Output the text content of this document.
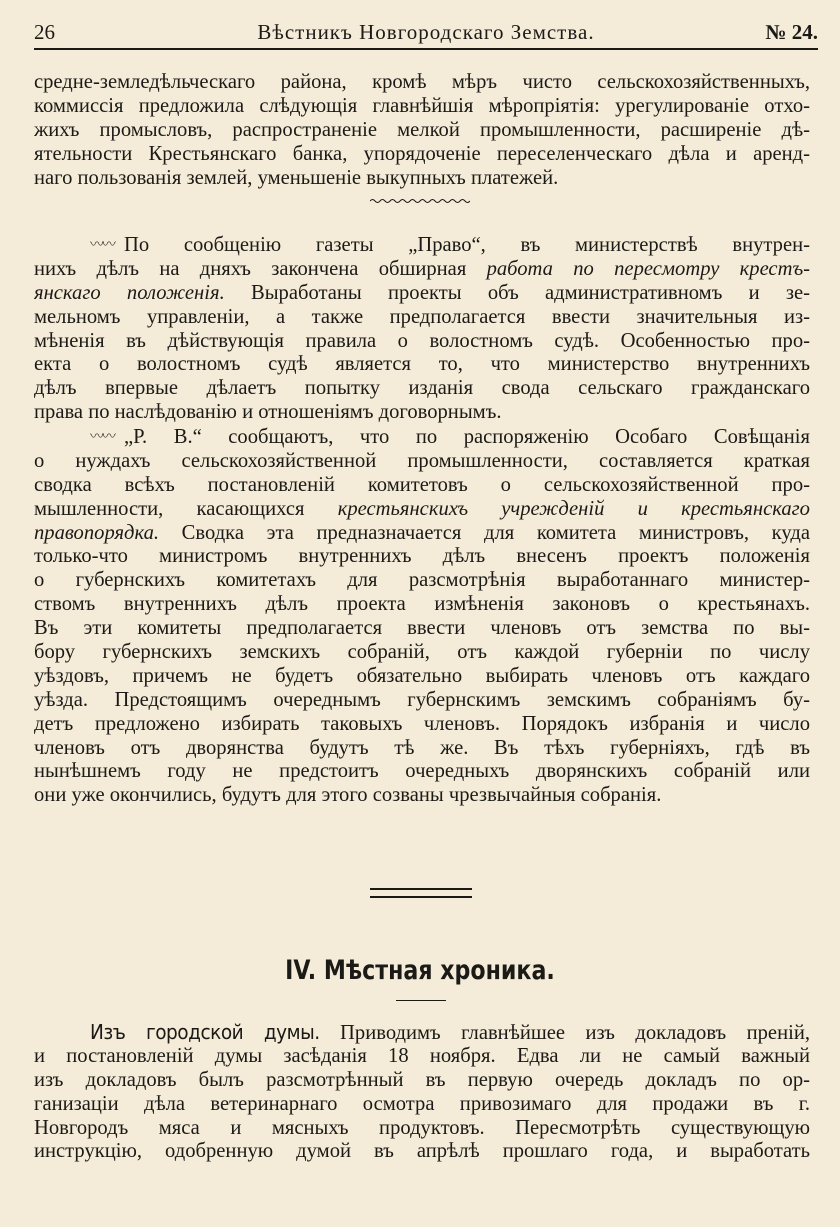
26	Вѣстникъ Новгородскаго Земства.	№ 24.
средне-земледѣльческаго района, кромѣ мѣръ чисто сельскохозяйственныхъ,
коммиссія предложила слѣдующія главнѣйшія мѣропріятія: урегулированіе отхо-
жихъ промысловъ, распространеніе мелкой промышленности, расширеніе дѣ-
ятельности Крестьянскаго банка, упорядоченіе переселенческаго дѣла и аренд-
наго пользованія землей, уменьшеніе выкупныхъ платежей.
〰〰 По сообщенію газеты „Право“, въ министерствѣ внутрен-
нихъ дѣлъ на дняхъ закончена обширная работа по пересмотру крестъ-
янскаго положенія. Выработаны проекты объ административномъ и зе-
мельномъ управленіи, а также предполагается ввести значительныя из-
мѣненія въ дѣйствующія правила о волостномъ судѣ. Особенностью про-
екта о волостномъ судѣ является то, что министерство внутреннихъ
дѣлъ впервые дѣлаетъ попытку изданія свода сельскаго гражданскаго
права по наслѣдованію и отношеніямъ договорнымъ.
〰〰 „Р. В.“ сообщаютъ, что по распоряженію Особаго Совѣщанія
о нуждахъ сельскохозяйственной промышленности, составляется краткая
сводка всѣхъ постановленій комитетовъ о сельскохозяйственной про-
мышленности, касающихся крестьянскихъ учрежденій и крестьянскаго
правопорядка. Сводка эта предназначается для комитета министровъ, куда
только-что министромъ внутреннихъ дѣлъ внесенъ проектъ положенія
о губернскихъ комитетахъ для разсмотрѣнія выработаннаго министер-
ствомъ внутреннихъ дѣлъ проекта измѣненія законовъ о крестьянахъ.
Въ эти комитеты предполагается ввести членовъ отъ земства по вы-
бору губернскихъ земскихъ собраній, отъ каждой губерніи по числу
уѣздовъ, причемъ не будетъ обязательно выбирать членовъ отъ каждаго
уѣзда. Предстоящимъ очереднымъ губернскимъ земскимъ собраніямъ бу-
детъ предложено избирать таковыхъ членовъ. Порядокъ избранія и число
членовъ отъ дворянства будутъ тѣ же. Въ тѣхъ губерніяхъ, гдѣ въ
нынѣшнемъ году не предстоитъ очередныхъ дворянскихъ собраній или
они уже окончились, будутъ для этого созваны чрезвычайныя собранія.
IV. Мѣстная хроника.
Изъ городской думы. Приводимъ главнѣйшее изъ докладовъ преній,
и постановленій думы засѣданія 18 ноября. Едва ли не самый важный
изъ докладовъ былъ разсмотрѣнный въ первую очередь докладъ по ор-
ганизаціи дѣла ветеринарнаго осмотра привозимаго для продажи въ г.
Новгородъ мяса и мясныхъ продуктовъ. Пересмотрѣть существующую
инструкцію, одобренную думой въ апрѣлѣ прошлаго года, и выработать
